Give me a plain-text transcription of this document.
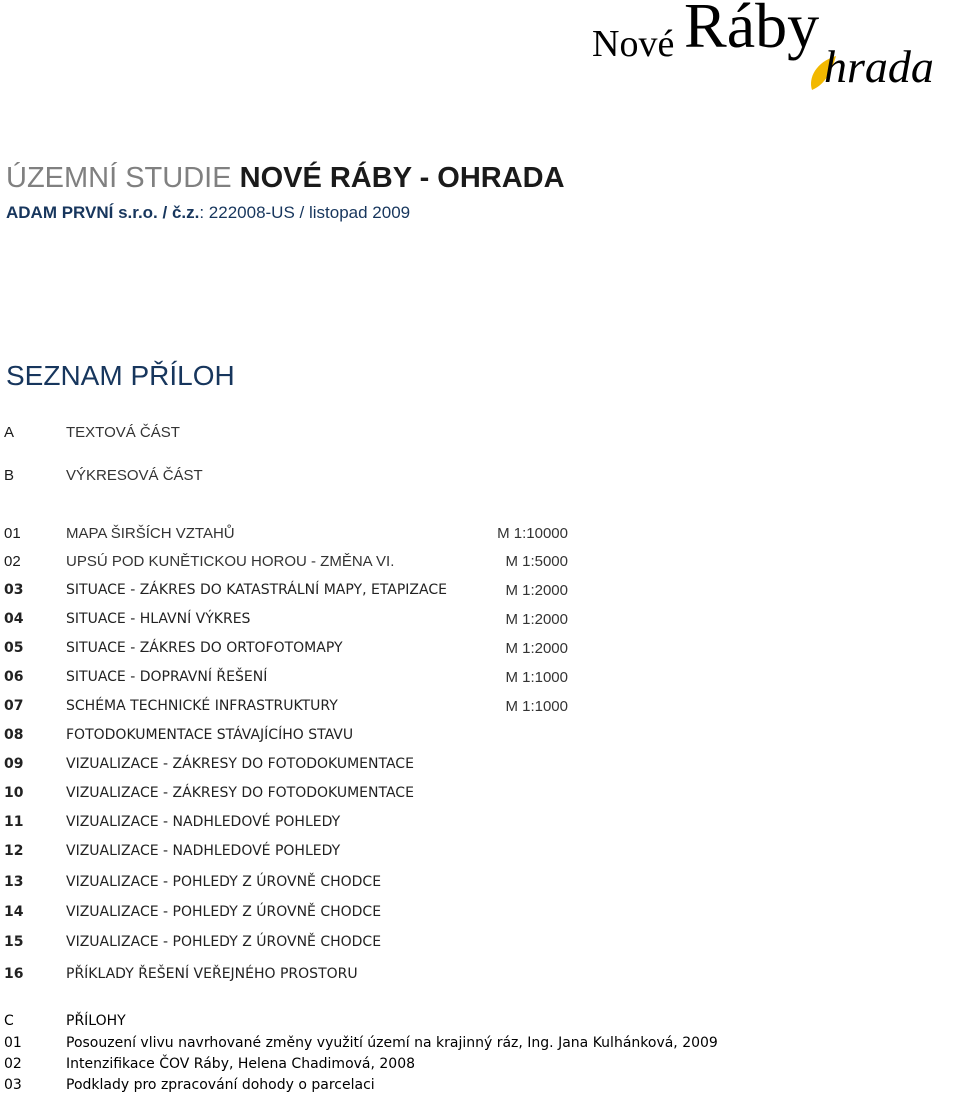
Nové Ráby
hrada
ÚZEMNÍ STUDIE NOVÉ RÁBY - OHRADA
ADAM PRVNÍ s.r.o. / č.z.: 222008-US / listopad 2009
SEZNAM PŘÍLOH
A	TEXTOVÁ ČÁST
B	VÝKRESOVÁ ČÁST
01	MAPA ŠIRŠÍCH VZTAHŮ	M 1:10000
02	UPSÚ POD KUNĚTICKOU HOROU - ZMĚNA VI.	M 1:5000
03	SITUACE - ZÁKRES DO KATASTRÁLNÍ MAPY, ETAPIZACE	M 1:2000
04	SITUACE - HLAVNÍ VÝKRES	M 1:2000
05	SITUACE - ZÁKRES DO ORTOFOTOMAPY	M 1:2000
06	SITUACE - DOPRAVNÍ ŘEŠENÍ	M 1:1000
07	SCHÉMA TECHNICKÉ INFRASTRUKTURY	M 1:1000
08	FOTODOKUMENTACE STÁVAJÍCÍHO STAVU
09	VIZUALIZACE - ZÁKRESY DO FOTODOKUMENTACE
10	VIZUALIZACE - ZÁKRESY DO FOTODOKUMENTACE
11	VIZUALIZACE - NADHLEDOVÉ POHLEDY
12	VIZUALIZACE - NADHLEDOVÉ POHLEDY
13	VIZUALIZACE - POHLEDY Z ÚROVNĚ CHODCE
14	VIZUALIZACE - POHLEDY Z ÚROVNĚ CHODCE
15	VIZUALIZACE - POHLEDY Z ÚROVNĚ CHODCE
16	PŘÍKLADY ŘEŠENÍ VEŘEJNÉHO PROSTORU
C	PŘÍLOHY
01	Posouzení vlivu navrhované změny využití území na krajinný ráz, Ing. Jana Kulhánková, 2009
02	Intenzifikace ČOV Ráby, Helena Chadimová, 2008
03	Podklady pro zpracování dohody o parcelaci
